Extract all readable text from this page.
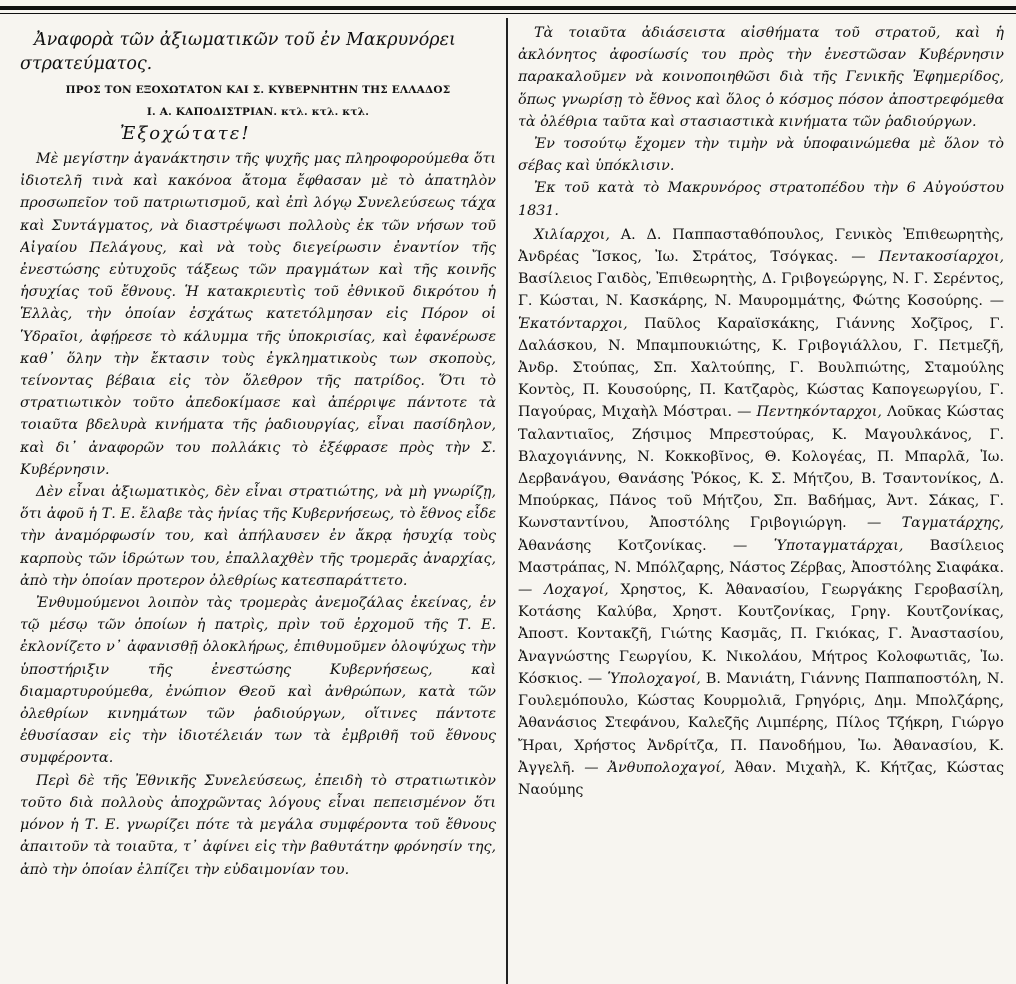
Ἀναφορὰ τῶν ἀξιωματικῶν τοῦ ἐν Μακρυνόρει στρατεύματος.
ΠΡΟΣ ΤΟΝ ΕΞΟΧΩΤΑΤΟΝ ΚΑΙ Σ. ΚΥΒΕΡΝΗΤΗΝ ΤΗΣ ΕΛΛΑΔΟΣ
Ι. Α. ΚΑΠΟΔΙΣΤΡΙΑΝ. κτλ. κτλ. κτλ.
Ἐξοχώτατε!

Μὲ μεγίστην ἀγανάκτησιν τῆς ψυχῆς μας πληροφορούμεθα ὅτι ἰδιοτελῆ τινὰ καὶ κακόνοα ἄτομα ἔφθασαν μὲ τὸ ἀπατηλὸν προσωπεῖον τοῦ πατριωτισμοῦ, καὶ ἐπὶ λόγῳ Συνελεύσεως τάχα καὶ Συντάγματος, νὰ διαστρέψωσι πολλοὺς ἐκ τῶν νήσων τοῦ Αἰγαίου Πελάγους, καὶ νὰ τοὺς διεγείρωσιν ἐναντίον τῆς ἐνεστώσης εὐτυχοῦς τάξεως τῶν πραγμάτων καὶ τῆς κοινῆς ἡσυχίας τοῦ ἔθνους. Ἡ κατακριευτὶς τοῦ ἐθνικοῦ δικρότου ἡ Ἑλλὰς, τὴν ὁποίαν ἐσχάτως κατετόλμησαν εἰς Πόρον οἱ Ὑδραῖοι, ἀφῄρεσε τὸ κάλυμμα τῆς ὑποκρισίας, καὶ ἐφανέρωσε καθ᾽ ὅλην τὴν ἔκτασιν τοὺς ἐγκληματικοὺς των σκοποὺς, τείνοντας βέβαια εἰς τὸν ὄλεθρον τῆς πατρίδος. Ὅτι τὸ στρατιωτικὸν τοῦτο ἀπεδοκίμασε καὶ ἀπέρριψε πάντοτε τὰ τοιαῦτα βδελυρὰ κινήματα τῆς ῥαδιουργίας, εἶναι πασίδηλον, καὶ δι᾽ ἀναφορῶν του πολλάκις τὸ ἐξέφρασε πρὸς τὴν Σ. Κυβέρνησιν.

Δὲν εἶναι ἀξιωματικὸς, δὲν εἶναι στρατιώτης, νὰ μὴ γνωρίζῃ, ὅτι ἀφοῦ ἡ Τ. Ε. ἔλαβε τὰς ἡνίας τῆς Κυβερνήσεως, τὸ ἔθνος εἶδε τὴν ἀναμόρφωσίν του, καὶ ἀπήλαυσεν ἐν ἄκρᾳ ἡσυχίᾳ τοὺς καρποὺς τῶν ἱδρώτων του, ἐπαλλαχθὲν τῆς τρομερᾶς ἀναρχίας, ἀπὸ τὴν ὁποίαν προτερον ὀλεθρίως κατεσπαράττετο.

Ἐνθυμούμενοι λοιπὸν τὰς τρομερὰς ἀνεμοζάλας ἐκείνας, ἐν τῷ μέσῳ τῶν ὁποίων ἡ πατρὶς, πρὶν τοῦ ἐρχομοῦ τῆς Τ. Ε. ἐκλονίζετο ν᾽ ἀφανισθῇ ὁλοκλήρως, ἐπιθυμοῦμεν ὁλοψύχως τὴν ὑποστήριξιν τῆς ἐνεστώσης Κυβερνήσεως, καὶ διαμαρτυρούμεθα, ἐνώπιον Θεοῦ καὶ ἀνθρώπων, κατὰ τῶν ὀλεθρίων κινημάτων τῶν ῥαδιούργων, οἵτινες πάντοτε ἐθυσίασαν εἰς τὴν ἰδιοτέλειάν των τὰ ἐμβριθῆ τοῦ ἔθνους συμφέροντα.

Περὶ δὲ τῆς Ἐθνικῆς Συνελεύσεως, ἐπειδὴ τὸ στρατιωτικὸν τοῦτο διὰ πολλοὺς ἀποχρῶντας λόγους εἶναι πεπεισμένον ὅτι μόνον ἡ Τ. Ε. γνωρίζει πότε τὰ μεγάλα συμφέροντα τοῦ ἔθνους ἀπαιτοῦν τὰ τοιαῦτα, τ᾽ ἀφίνει εἰς τὴν βαθυτάτην φρόνησίν της, ἀπὸ τὴν ὁποίαν ἐλπίζει τὴν εὐδαιμονίαν του.

Τὰ τοιαῦτα ἀδιάσειστα αἰσθήματα τοῦ στρατοῦ, καὶ ἡ ἀκλόνητος ἀφοσίωσίς του πρὸς τὴν ἐνεστῶσαν Κυβέρνησιν παρακαλοῦμεν νὰ κοινοποιηθῶσι διὰ τῆς Γενικῆς Ἐφημερίδος, ὅπως γνωρίσῃ τὸ ἔθνος καὶ ὅλος ὁ κόσμος πόσον ἀποστρεφόμεθα τὰ ὀλέθρια ταῦτα καὶ στασιαστικὰ κινήματα τῶν ῥαδιούργων.

Ἐν τοσούτῳ ἔχομεν τὴν τιμὴν νὰ ὑποφαινώμεθα μὲ ὅλον τὸ σέβας καὶ ὑπόκλισιν.

Ἐκ τοῦ κατὰ τὸ Μακρυνόρος στρατοπέδου τὴν 6 Αὐγούστου 1831.

Χιλίαρχοι, Α. Δ. Παππασταθόπουλος, Γενικὸς Ἐπιθεωρητὴς, Ἀνδρέας Ἴσκος, Ἰω. Στράτος, Τσόγκας. — Πεντακοσίαρχοι, Βασίλειος Γαιδὸς, Ἐπιθεωρητὴς, Δ. Γριβογεώργης, Ν. Γ. Σερέντος, Γ. Κώσται, Ν. Κασκάρης, Ν. Μαυρομμάτης, Φώτης Κοσούρης. — Ἑκατόνταρχοι, Παῦλος Καραϊσκάκης, Γιάννης Χοζῖρος, Γ. Δαλάσκου, Ν. Μπαμπουκιώτης, Κ. Γριβογιάλλου, Γ. Πετμεζῆ, Ἀνδρ. Στούπας, Σπ. Χαλτούπης, Γ. Βουλπιώτης, Σταμούλης Κοντὸς, Π. Κουσούρης, Π. Κατζαρὸς, Κώστας Καπογεωργίου, Γ. Παγούρας, Μιχαὴλ Μόστραι. — Πεντηκόνταρχοι, Λοῦκας Κώστας Ταλαντιαῖος, Ζήσιμος Μπρεστούρας, Κ. Μαγουλκάνος, Γ. Βλαχογιάννης, Ν. Κοκκοβῖνος, Θ. Κολογέας, Π. Μπαρλᾶ, Ἰω. Δερβανάγου, Θανάσης Ῥόκος, Κ. Σ. Μήτζου, Β. Τσαντονίκος, Δ. Μπούρκας, Πάνος τοῦ Μήτζου, Σπ. Βαδήμας, Ἀντ. Σάκας, Γ. Κωνσταντίνου, Ἀποστόλης Γριβογιώργη. — Ταγματάρχης, Ἀθανάσης Κοτζονίκας. — Ὑποταγματάρχαι, Βασίλειος Μαστράπας, Ν. Μπόλζαρης, Νάστος Ζέρβας, Ἀποστόλης Σιαφάκα. — Λοχαγοί, Χρηστος, Κ. Ἀθανασίου, Γεωργάκης Γεροβασίλη, Κοτάσης Καλύβα, Χρηστ. Κουτζονίκας, Γρηγ. Κουτζονίκας, Ἀποστ. Κοντακζῆ, Γιώτης Κασμᾶς, Π. Γκιόκας, Γ. Ἀναστασίου, Ἀναγνώστης Γεωργίου, Κ. Νικολάου, Μήτρος Κολοφωτιᾶς, Ἰω. Κόσκιος. — Ὑπολοχαγοί, Β. Μανιάτη, Γιάννης Παππαποστόλη, Ν. Γουλεμόπουλο, Κώστας Κουρμολιᾶ, Γρηγόρις, Δημ. Μπολζάρης, Ἀθανάσιος Στεφάνου, Καλεζῆς Λιμπέρης, Πίλος Τζήκρη, Γιώργο Ἤραι, Χρήστος Ἀνδρίτζα, Π. Πανοδήμου, Ἰω. Ἀθανασίου, Κ. Ἀγγελῆ. — Ἀνθυπολοχαγοί, Ἀθαν. Μιχαὴλ, Κ. Κήτζας, Κώστας Ναούμης
